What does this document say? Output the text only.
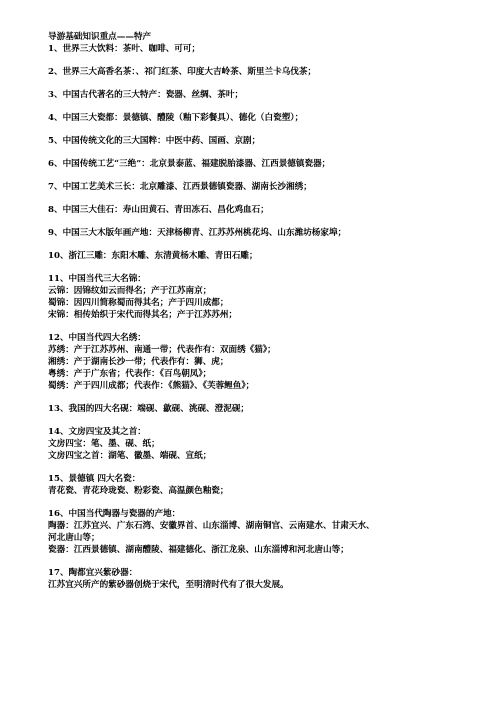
导游基础知识重点——特产
1、世界三大饮料：茶叶、咖啡、可可；
2、世界三大高香名茶：、祁门红茶、印度大吉岭茶、斯里兰卡乌伐茶；
3、中国古代著名的三大特产：瓷器、丝绸、茶叶；
4、中国三大瓷都：景德镇、醴陵（釉下彩餐具）、德化（白瓷塑）；
5、中国传统文化的三大国粹：中医中药、国画、京剧；
6、中国传统工艺“三绝”：北京景泰蓝、福建脱胎漆器、江西景德镇瓷器；
7、中国工艺美术三长：北京雕漆、江西景德镇瓷器、湖南长沙湘绣；
8、中国三大佳石：寿山田黄石、青田冻石、昌化鸡血石；
9、中国三大木版年画产地：天津杨柳青、江苏苏州桃花坞、山东潍坊杨家埠；
10、浙江三雕：东阳木雕、东清黄杨木雕、青田石雕；
11、中国当代三大名锦：
云锦：因锦纹如云而得名；产于江苏南京；
蜀锦：因四川简称蜀而得其名；产于四川成都；
宋锦：相传始织于宋代而得其名；产于江苏苏州；
12、中国当代四大名绣：
苏绣：产于江苏苏州、南通一带；代表作有：双面绣《猫》；
湘绣：产于湖南长沙一带；代表作有：狮、虎；
粤绣：产于广东省；代表作：《百鸟朝凤》；
蜀绣：产于四川成都；代表作：《熊猫》、《芙蓉鲤鱼》；
13、我国的四大名砚：端砚、歙砚、洮砚、澄泥砚；
14、文房四宝及其之首：
文房四宝：笔、墨、砚、纸；
文房四宝之首：湖笔、徽墨、端砚、宣纸；
15、景德镇 四大名瓷：
青花瓷、青花玲珑瓷、粉彩瓷、高温颜色釉瓷；
16、中国当代陶器与瓷器的产地：
陶器：江苏宜兴、广东石湾、安徽界首、山东淄博、湖南铜官、云南建水、甘肃天水、
河北唐山等；
瓷器：江西景德镇、湖南醴陵、福建德化、浙江龙泉、山东淄博和河北唐山等；
17、陶都宜兴紫砂器：
江苏宜兴所产的紫砂器创烧于宋代，至明清时代有了很大发展。
